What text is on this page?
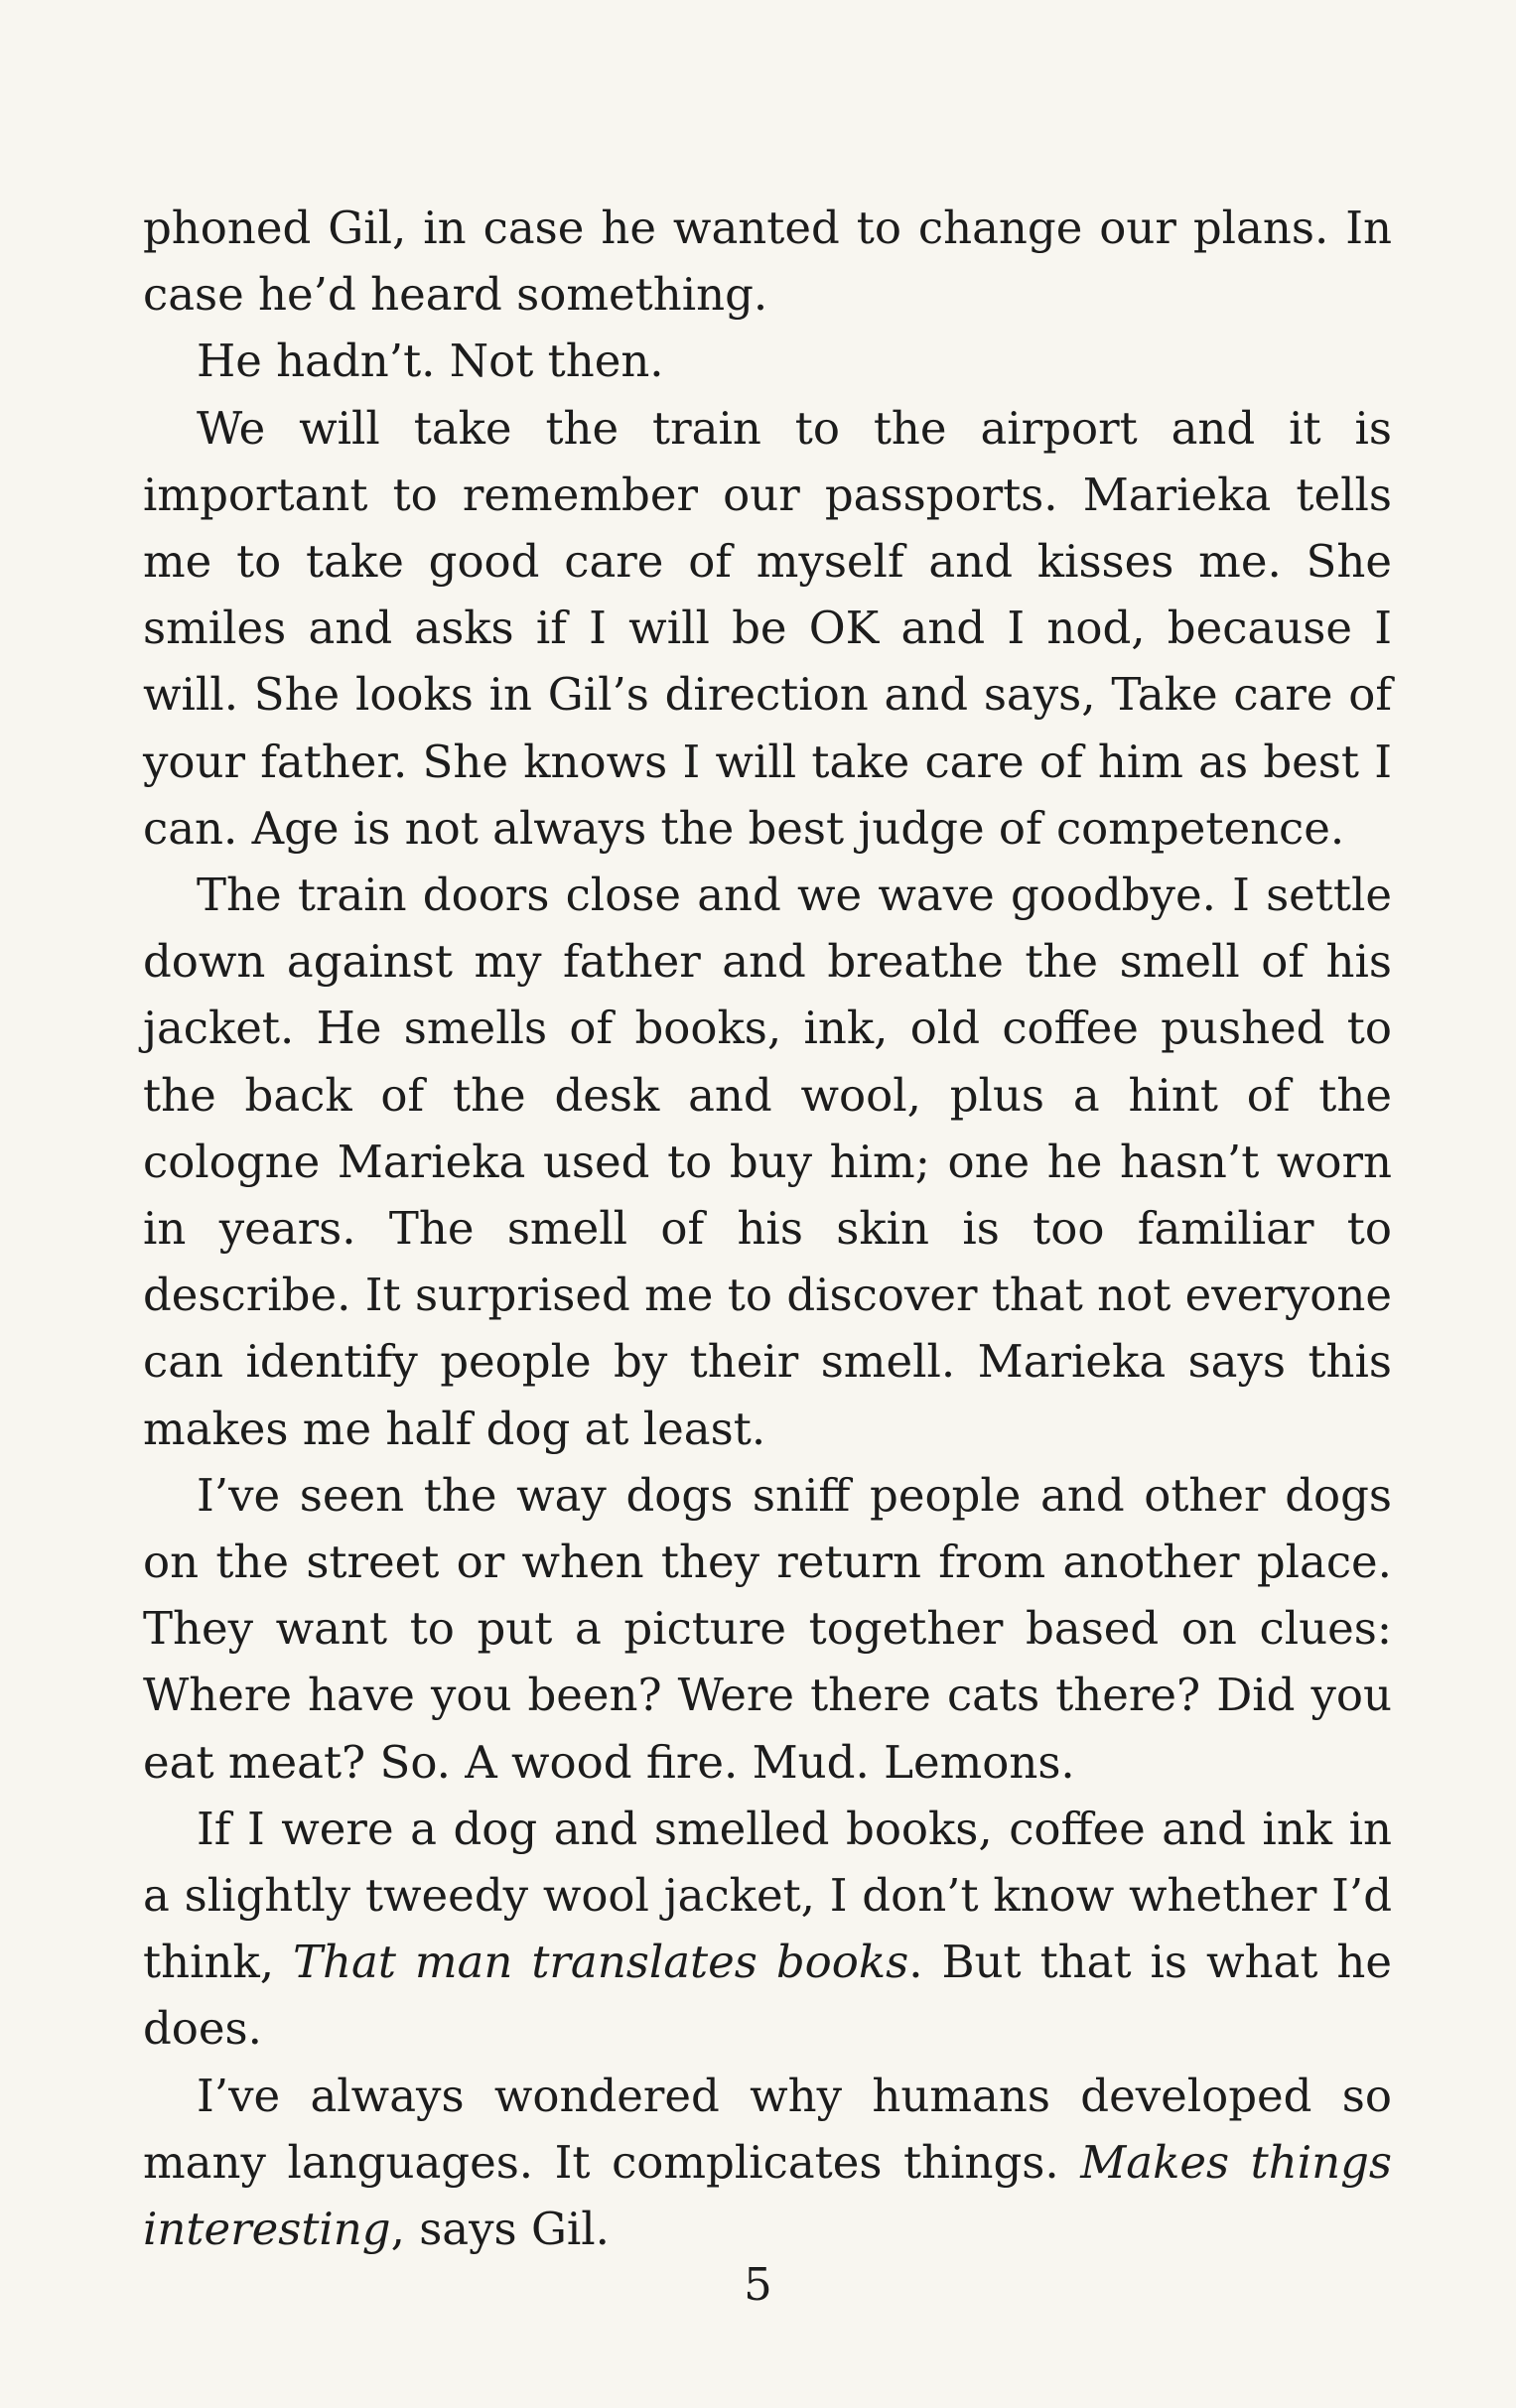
phoned Gil, in case he wanted to change our plans. In case he’d heard something.

He hadn’t. Not then.

We will take the train to the airport and it is important to remember our passports. Marieka tells me to take good care of myself and kisses me. She smiles and asks if I will be OK and I nod, because I will. She looks in Gil’s direction and says, Take care of your father. She knows I will take care of him as best I can. Age is not always the best judge of competence.

The train doors close and we wave goodbye. I settle down against my father and breathe the smell of his jacket. He smells of books, ink, old coffee pushed to the back of the desk and wool, plus a hint of the cologne Marieka used to buy him; one he hasn’t worn in years. The smell of his skin is too familiar to describe. It surprised me to discover that not everyone can identify people by their smell. Marieka says this makes me half dog at least.

I’ve seen the way dogs sniff people and other dogs on the street or when they return from another place. They want to put a picture together based on clues: Where have you been? Were there cats there? Did you eat meat? So. A wood fire. Mud. Lemons.

If I were a dog and smelled books, coffee and ink in a slightly tweedy wool jacket, I don’t know whether I’d think, That man translates books. But that is what he does.

I’ve always wondered why humans developed so many languages. It complicates things. Makes things interesting, says Gil.

5
